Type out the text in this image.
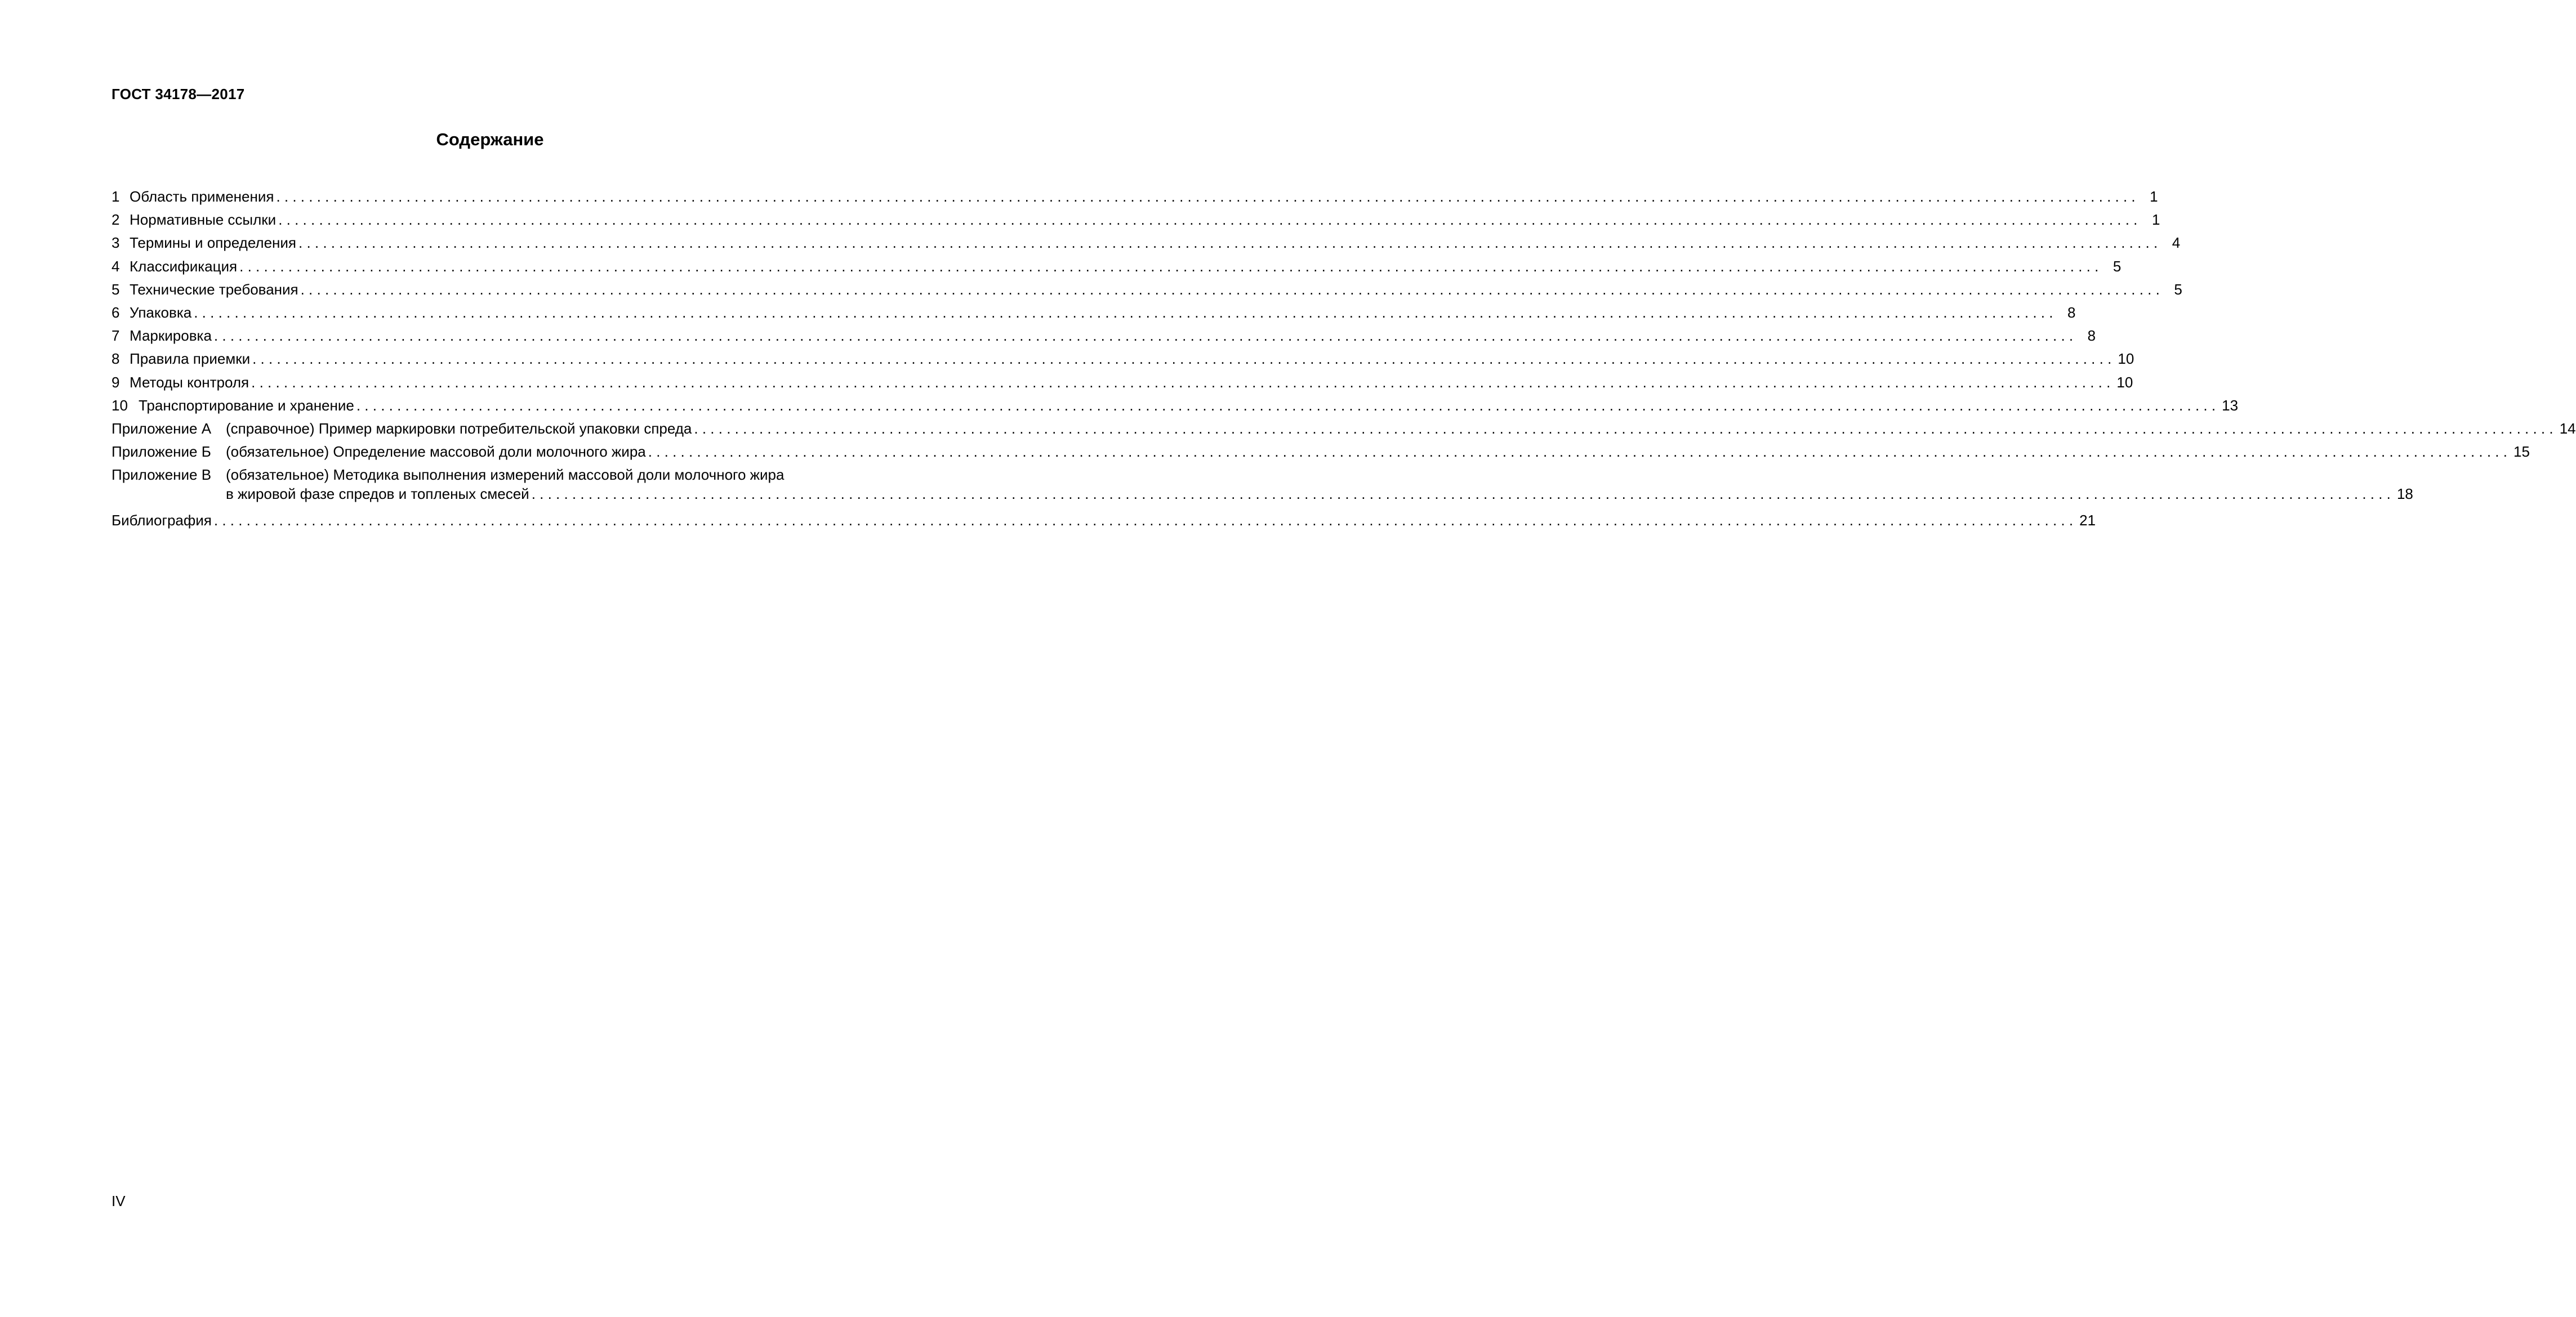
ГОСТ 34178—2017
Содержание
1 Область применения . . .	1
2 Нормативные ссылки . . .	1
3 Термины и определения . . .	4
4 Классификация . . .	5
5 Технические требования . . .	5
6 Упаковка . . .	8
7 Маркировка . . .	8
8 Правила приемки . . .	10
9 Методы контроля . . .	10
10 Транспортирование и хранение . . .	13
Приложение А (справочное) Пример маркировки потребительской упаковки спреда . . .	14
Приложение Б	(обязательное) Определение массовой доли молочного жира . . .	15
Приложение В (обязательное) Методика выполнения измерений массовой доли молочного жира
в жировой фазе спредов и топленых смесей . . .	18
Библиография . . .	21
IV
